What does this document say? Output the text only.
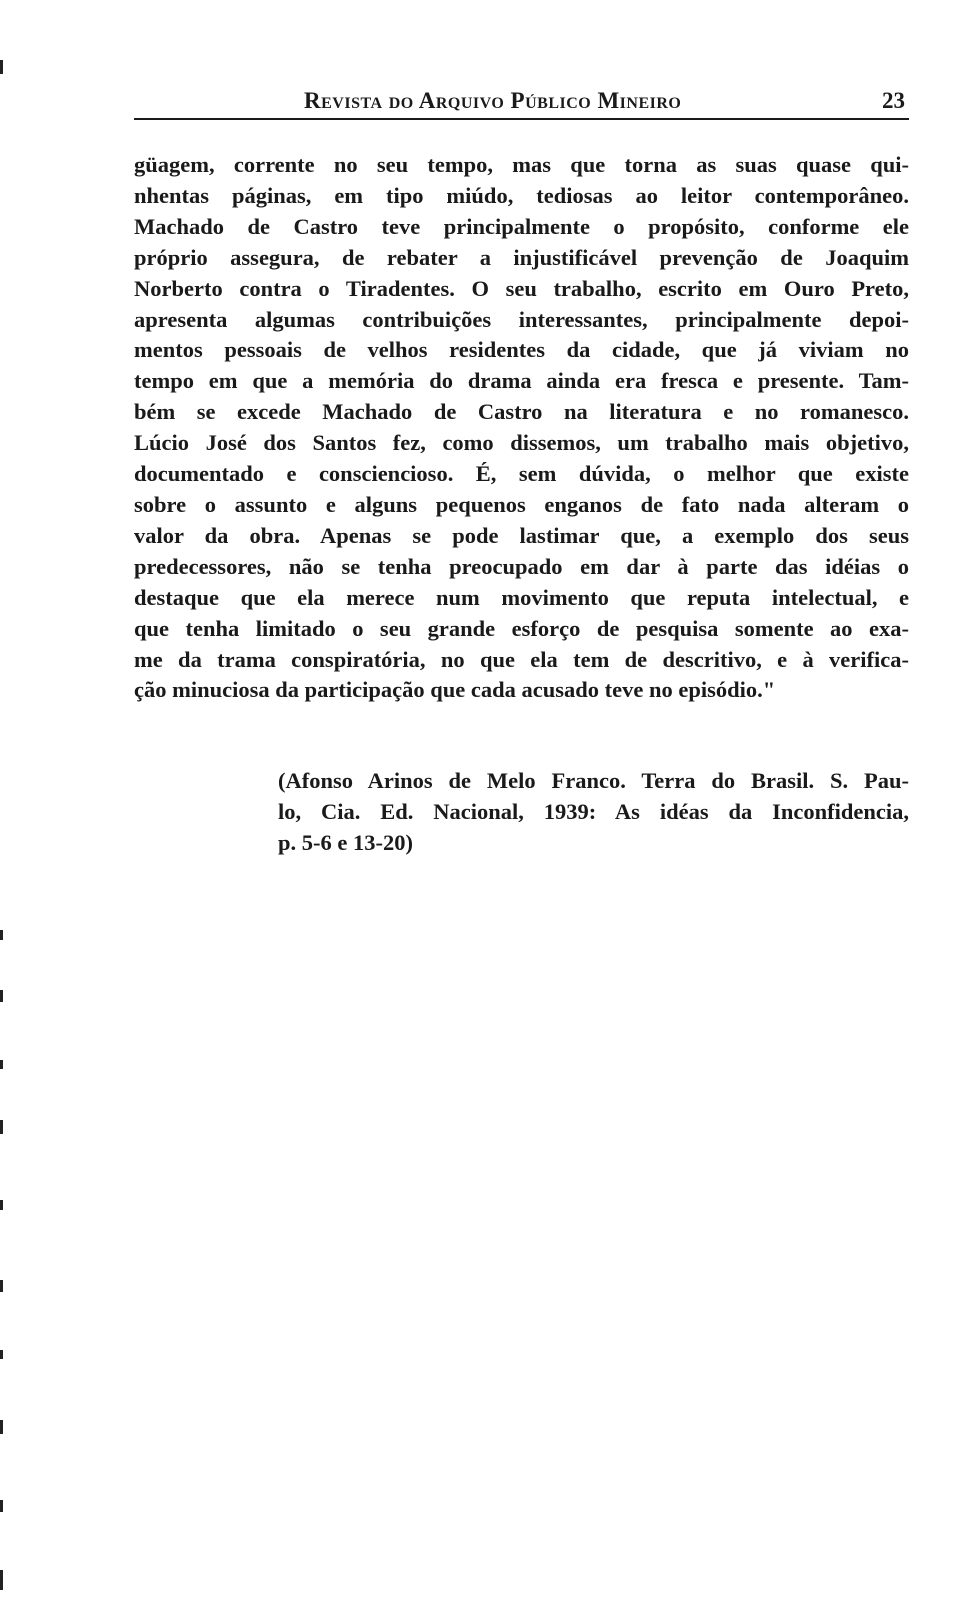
Revista do Arquivo Público Mineiro	23
güagem, corrente no seu tempo, mas que torna as suas quase qui-
nhentas páginas, em tipo miúdo, tediosas ao leitor contemporâneo.
Machado de Castro teve principalmente o propósito, conforme ele
próprio assegura, de rebater a injustificável prevenção de Joaquim
Norberto contra o Tiradentes. O seu trabalho, escrito em Ouro Preto,
apresenta algumas contribuições interessantes, principalmente depoi-
mentos pessoais de velhos residentes da cidade, que já viviam no
tempo em que a memória do drama ainda era fresca e presente. Tam-
bém se excede Machado de Castro na literatura e no romanesco.
Lúcio José dos Santos fez, como dissemos, um trabalho mais objetivo,
documentado e consciencioso. É, sem dúvida, o melhor que existe
sobre o assunto e alguns pequenos enganos de fato nada alteram o
valor da obra. Apenas se pode lastimar que, a exemplo dos seus
predecessores, não se tenha preocupado em dar à parte das idéias o
destaque que ela merece num movimento que reputa intelectual, e
que tenha limitado o seu grande esforço de pesquisa somente ao exa-
me da trama conspiratória, no que ela tem de descritivo, e à verifica-
ção minuciosa da participação que cada acusado teve no episódio."
(Afonso Arinos de Melo Franco. Terra do Brasil. S. Pau-
lo, Cia. Ed. Nacional, 1939: As idéas da Inconfidencia,
p. 5-6 e 13-20)
